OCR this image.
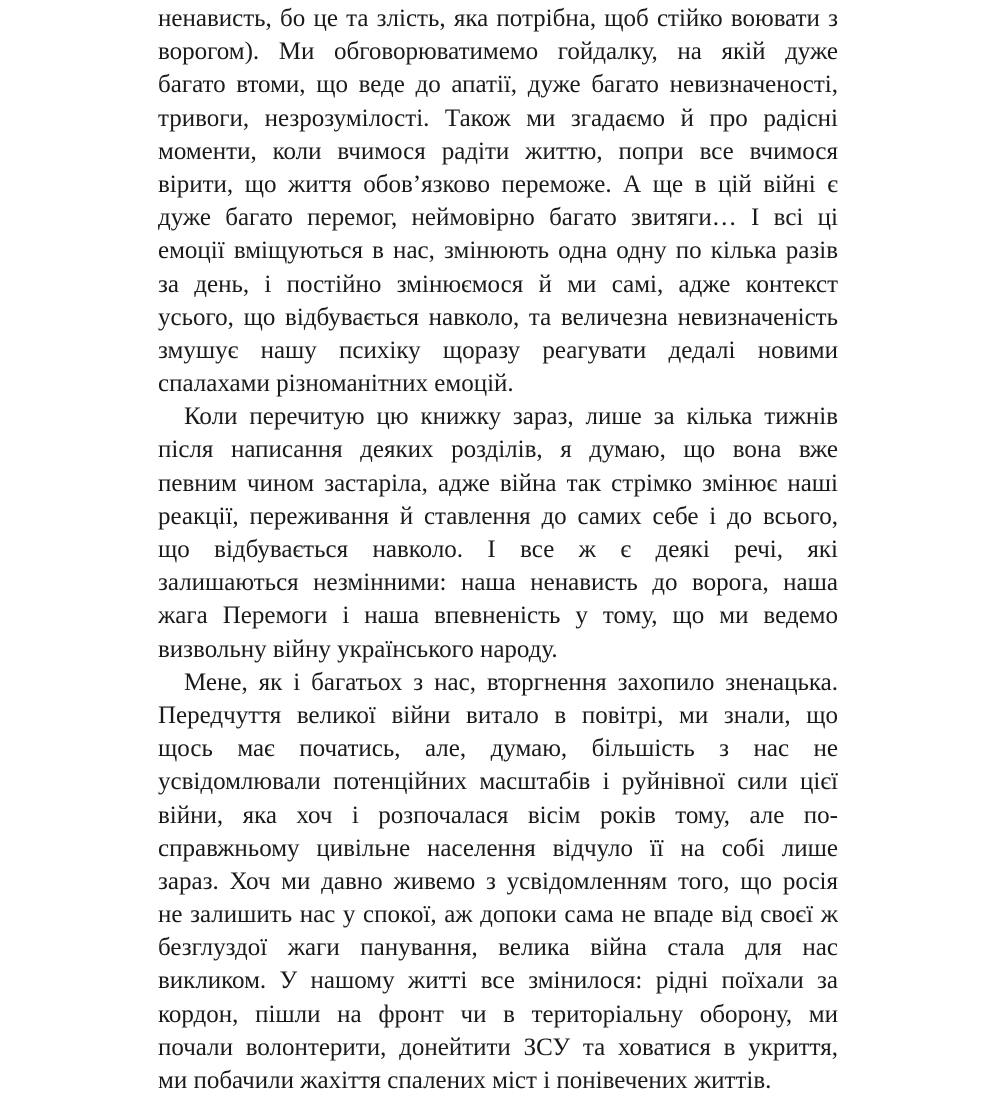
ненависть, бо це та злість, яка потрібна, щоб стійко воювати з
ворогом). Ми обговорюватимемо гойдалку, на якій дуже
багато втоми, що веде до апатії, дуже багато невизначеності,
тривоги, незрозумілості. Також ми згадаємо й про радісні
моменти, коли вчимося радіти життю, попри все вчимося
вірити, що життя обов’язково переможе. А ще в цій війні є
дуже багато перемог, неймовірно багато звитяги… І всі ці
емоції вміщуються в нас, змінюють одна одну по кілька разів
за день, і постійно змінюємося й ми самі, адже контекст
усього, що відбувається навколо, та величезна невизначеність
змушує нашу психіку щоразу реагувати дедалі новими
спалахами різноманітних емоцій.
Коли перечитую цю книжку зараз, лише за кілька тижнів
після написання деяких розділів, я думаю, що вона вже
певним чином застаріла, адже війна так стрімко змінює наші
реакції, переживання й ставлення до самих себе і до всього,
що відбувається навколо. І все ж є деякі речі, які
залишаються незмінними: наша ненависть до ворога, наша
жага Перемоги і наша впевненість у тому, що ми ведемо
визвольну війну українського народу.
Мене, як і багатьох з нас, вторгнення захопило зненацька.
Передчуття великої війни витало в повітрі, ми знали, що
щось має початись, але, думаю, більшість з нас не
усвідомлювали потенційних масштабів і руйнівної сили цієї
війни, яка хоч і розпочалася вісім років тому, але по-
справжньому цивільне населення відчуло її на собі лише
зараз. Хоч ми давно живемо з усвідомленням того, що росія
не залишить нас у спокої, аж допоки сама не впаде від своєї ж
безглуздої жаги панування, велика війна стала для нас
викликом. У нашому житті все змінилося: рідні поїхали за
кордон, пішли на фронт чи в територіальну оборону, ми
почали волонтерити, донейтити ЗСУ та ховатися в укриття,
ми побачили жахіття спалених міст і понівечених життів.
